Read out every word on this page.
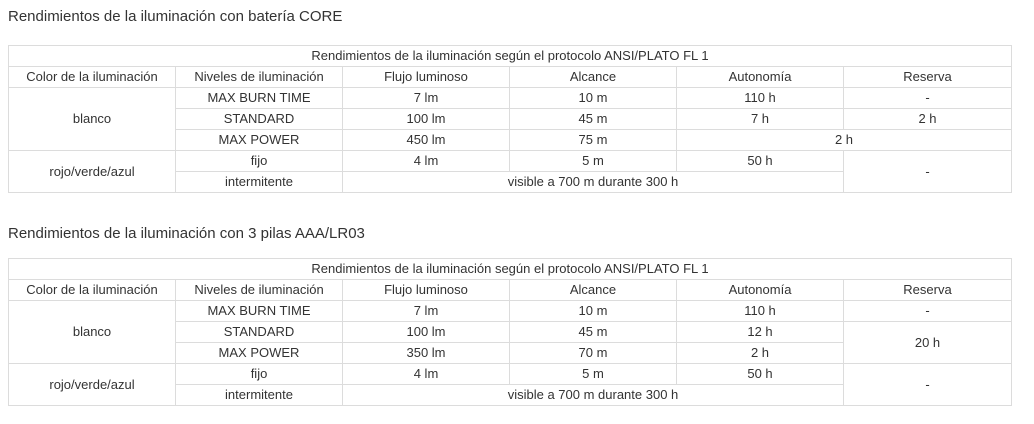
Rendimientos de la iluminación con batería CORE
Rendimientos de la iluminación según el protocolo ANSI/PLATO FL 1					
Color de la iluminación	Niveles de iluminación	Flujo luminoso	Alcance	Autonomía	Reserva
blanco	MAX BURN TIME	7 lm	10 m	110 h	-
	STANDARD	100 lm	45 m	7 h	2 h
	MAX POWER	450 lm	75 m	2 h	
rojo/verde/azul	fijo	4 lm	5 m	50 h	-
	intermitente	visible a 700 m durante 300 h			
Rendimientos de la iluminación con 3 pilas AAA/LR03
Rendimientos de la iluminación según el protocolo ANSI/PLATO FL 1					
Color de la iluminación	Niveles de iluminación	Flujo luminoso	Alcance	Autonomía	Reserva
blanco	MAX BURN TIME	7 lm	10 m	110 h	-
	STANDARD	100 lm	45 m	12 h	20 h
	MAX POWER	350 lm	70 m	2 h	
rojo/verde/azul	fijo	4 lm	5 m	50 h	-
	intermitente	visible a 700 m durante 300 h			
